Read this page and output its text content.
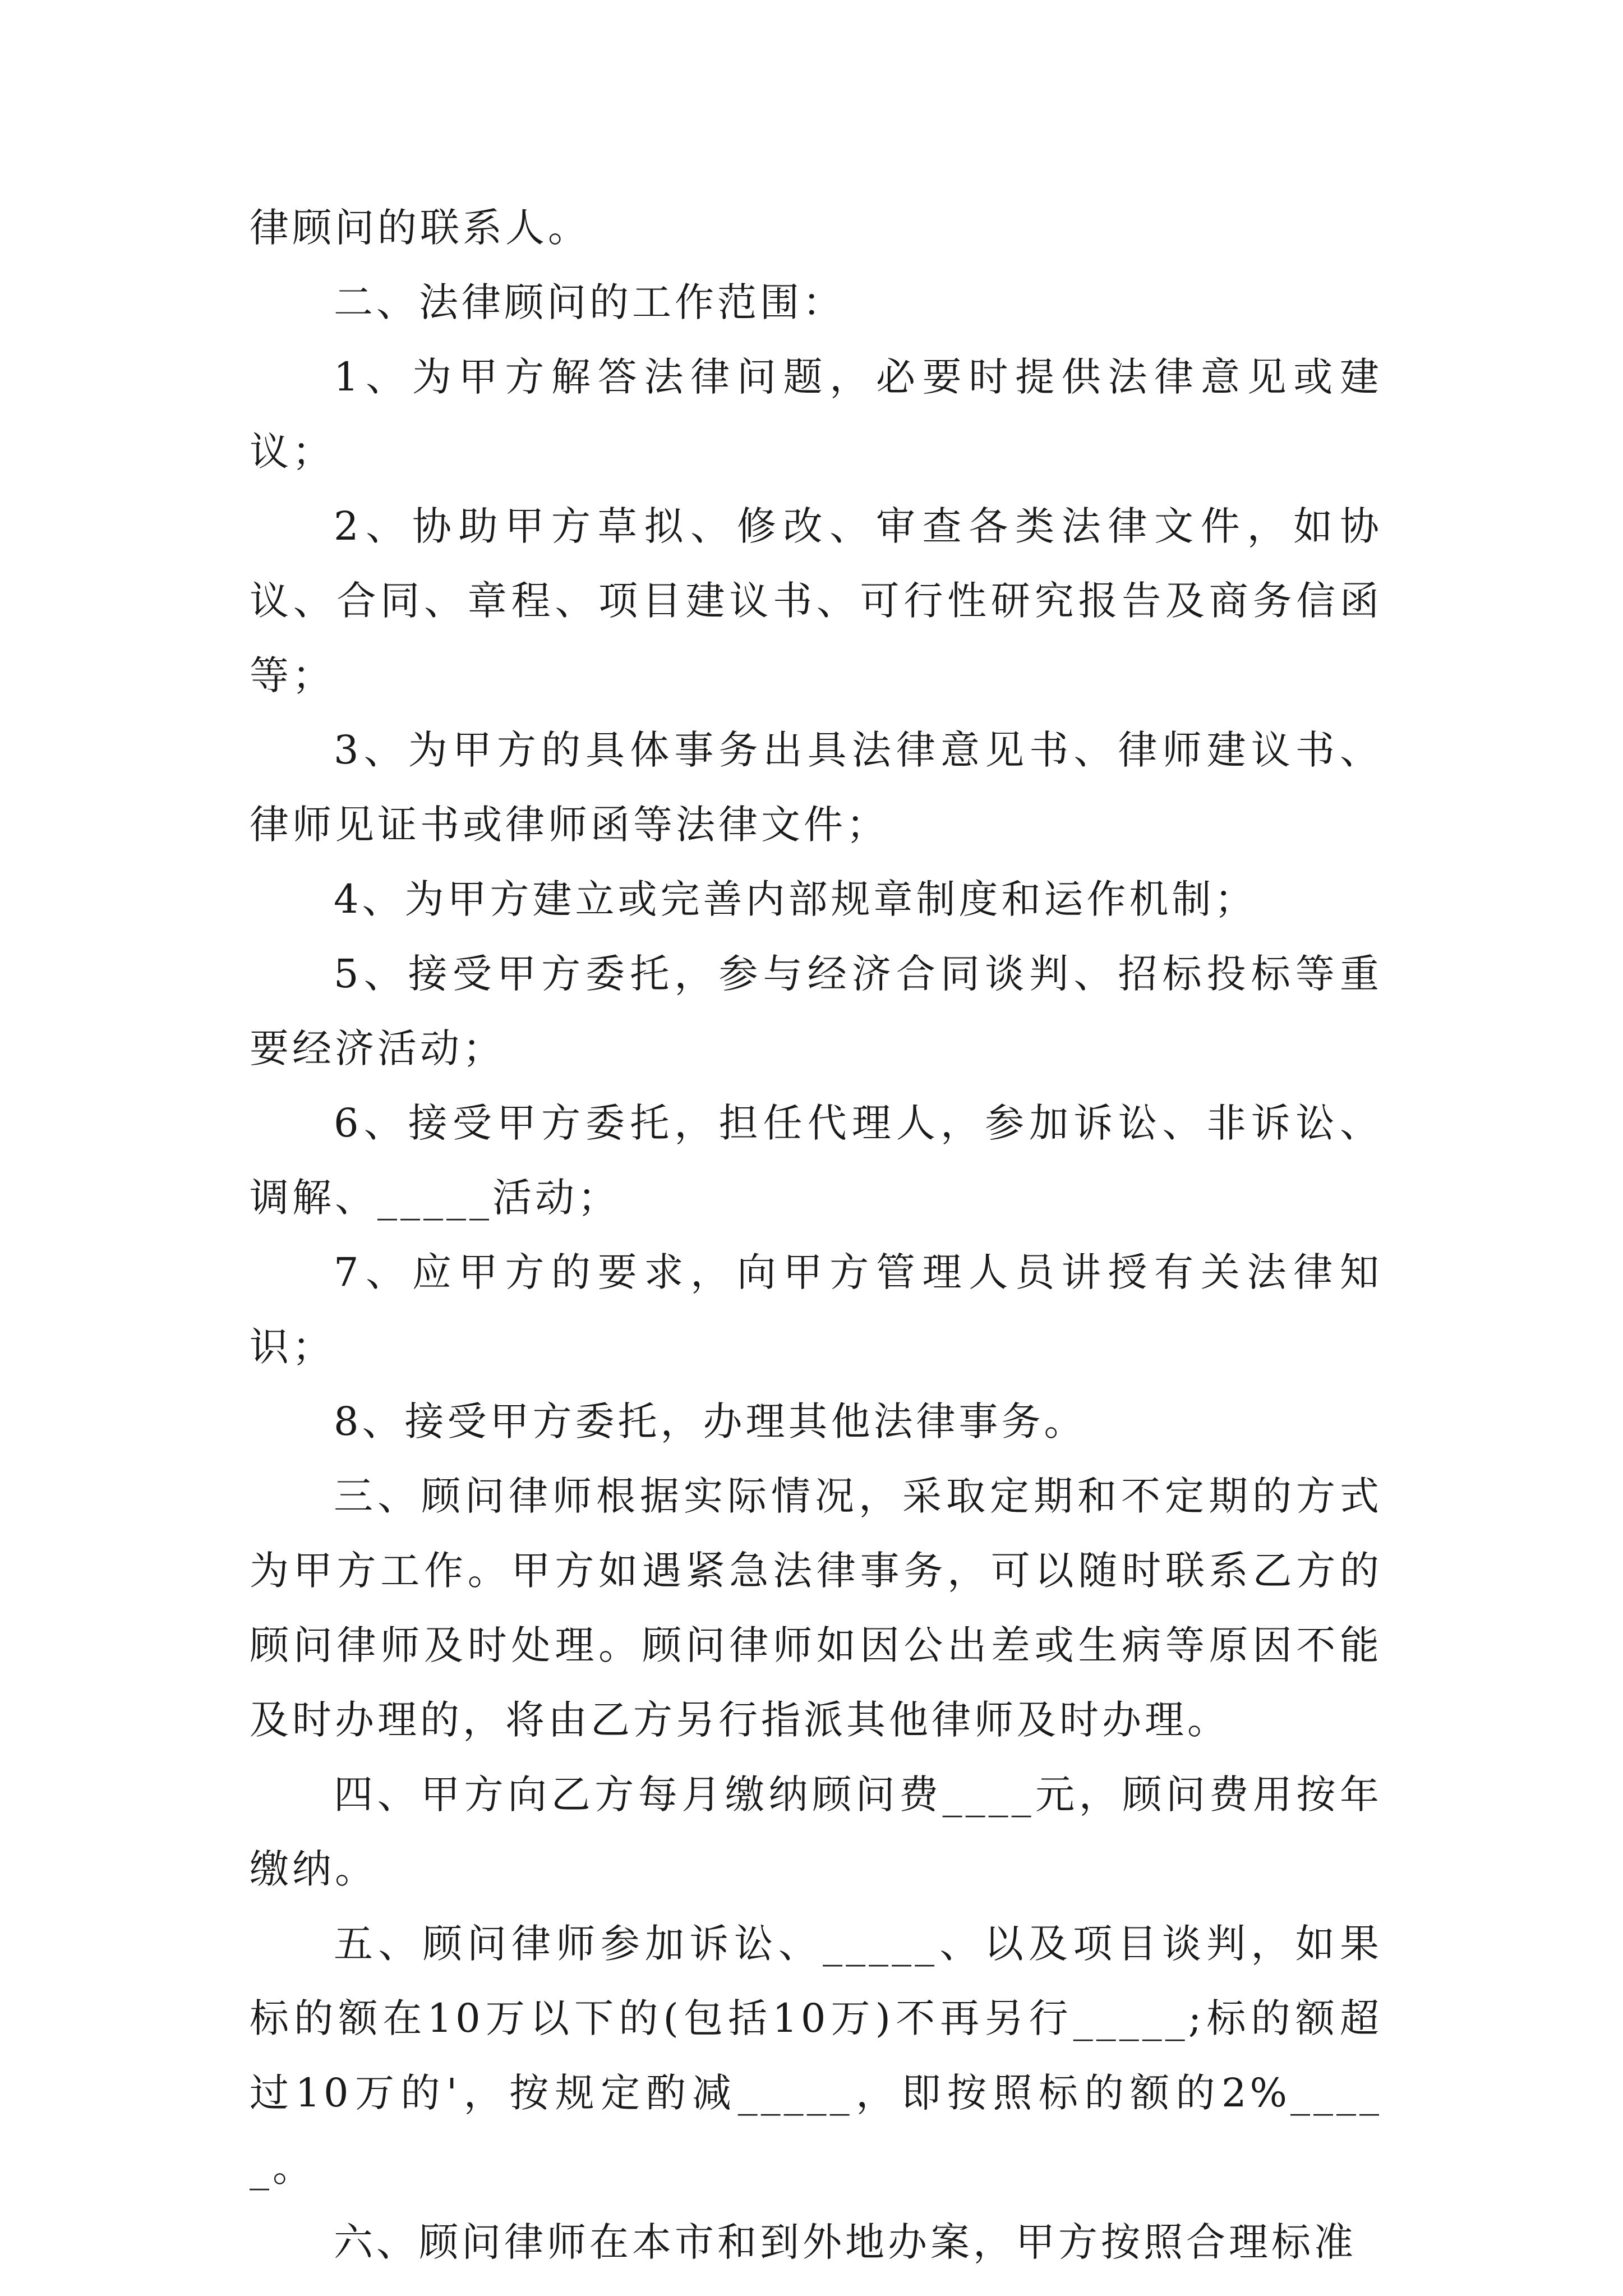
律顾问的联系人。

二、法律顾问的工作范围：

1、为甲方解答法律问题，必要时提供法律意见或建议；

2、协助甲方草拟、修改、审查各类法律文件，如协议、合同、章程、项目建议书、可行性研究报告及商务信函等；

3、为甲方的具体事务出具法律意见书、律师建议书、律师见证书或律师函等法律文件；

4、为甲方建立或完善内部规章制度和运作机制；

5、接受甲方委托，参与经济合同谈判、招标投标等重要经济活动；

6、接受甲方委托，担任代理人，参加诉讼、非诉讼、调解、_____活动；

7、应甲方的要求，向甲方管理人员讲授有关法律知识；

8、接受甲方委托，办理其他法律事务。

三、顾问律师根据实际情况，采取定期和不定期的方式为甲方工作。甲方如遇紧急法律事务，可以随时联系乙方的顾问律师及时处理。顾问律师如因公出差或生病等原因不能及时办理的，将由乙方另行指派其他律师及时办理。

四、甲方向乙方每月缴纳顾问费____元，顾问费用按年缴纳。

五、顾问律师参加诉讼、_____、以及项目谈判，如果标的额在10万以下的(包括10万)不再另行_____;标的额超过10万的'，按规定酌减_____，即按照标的额的2%_____。

六、顾问律师在本市和到外地办案，甲方按照合理标准
